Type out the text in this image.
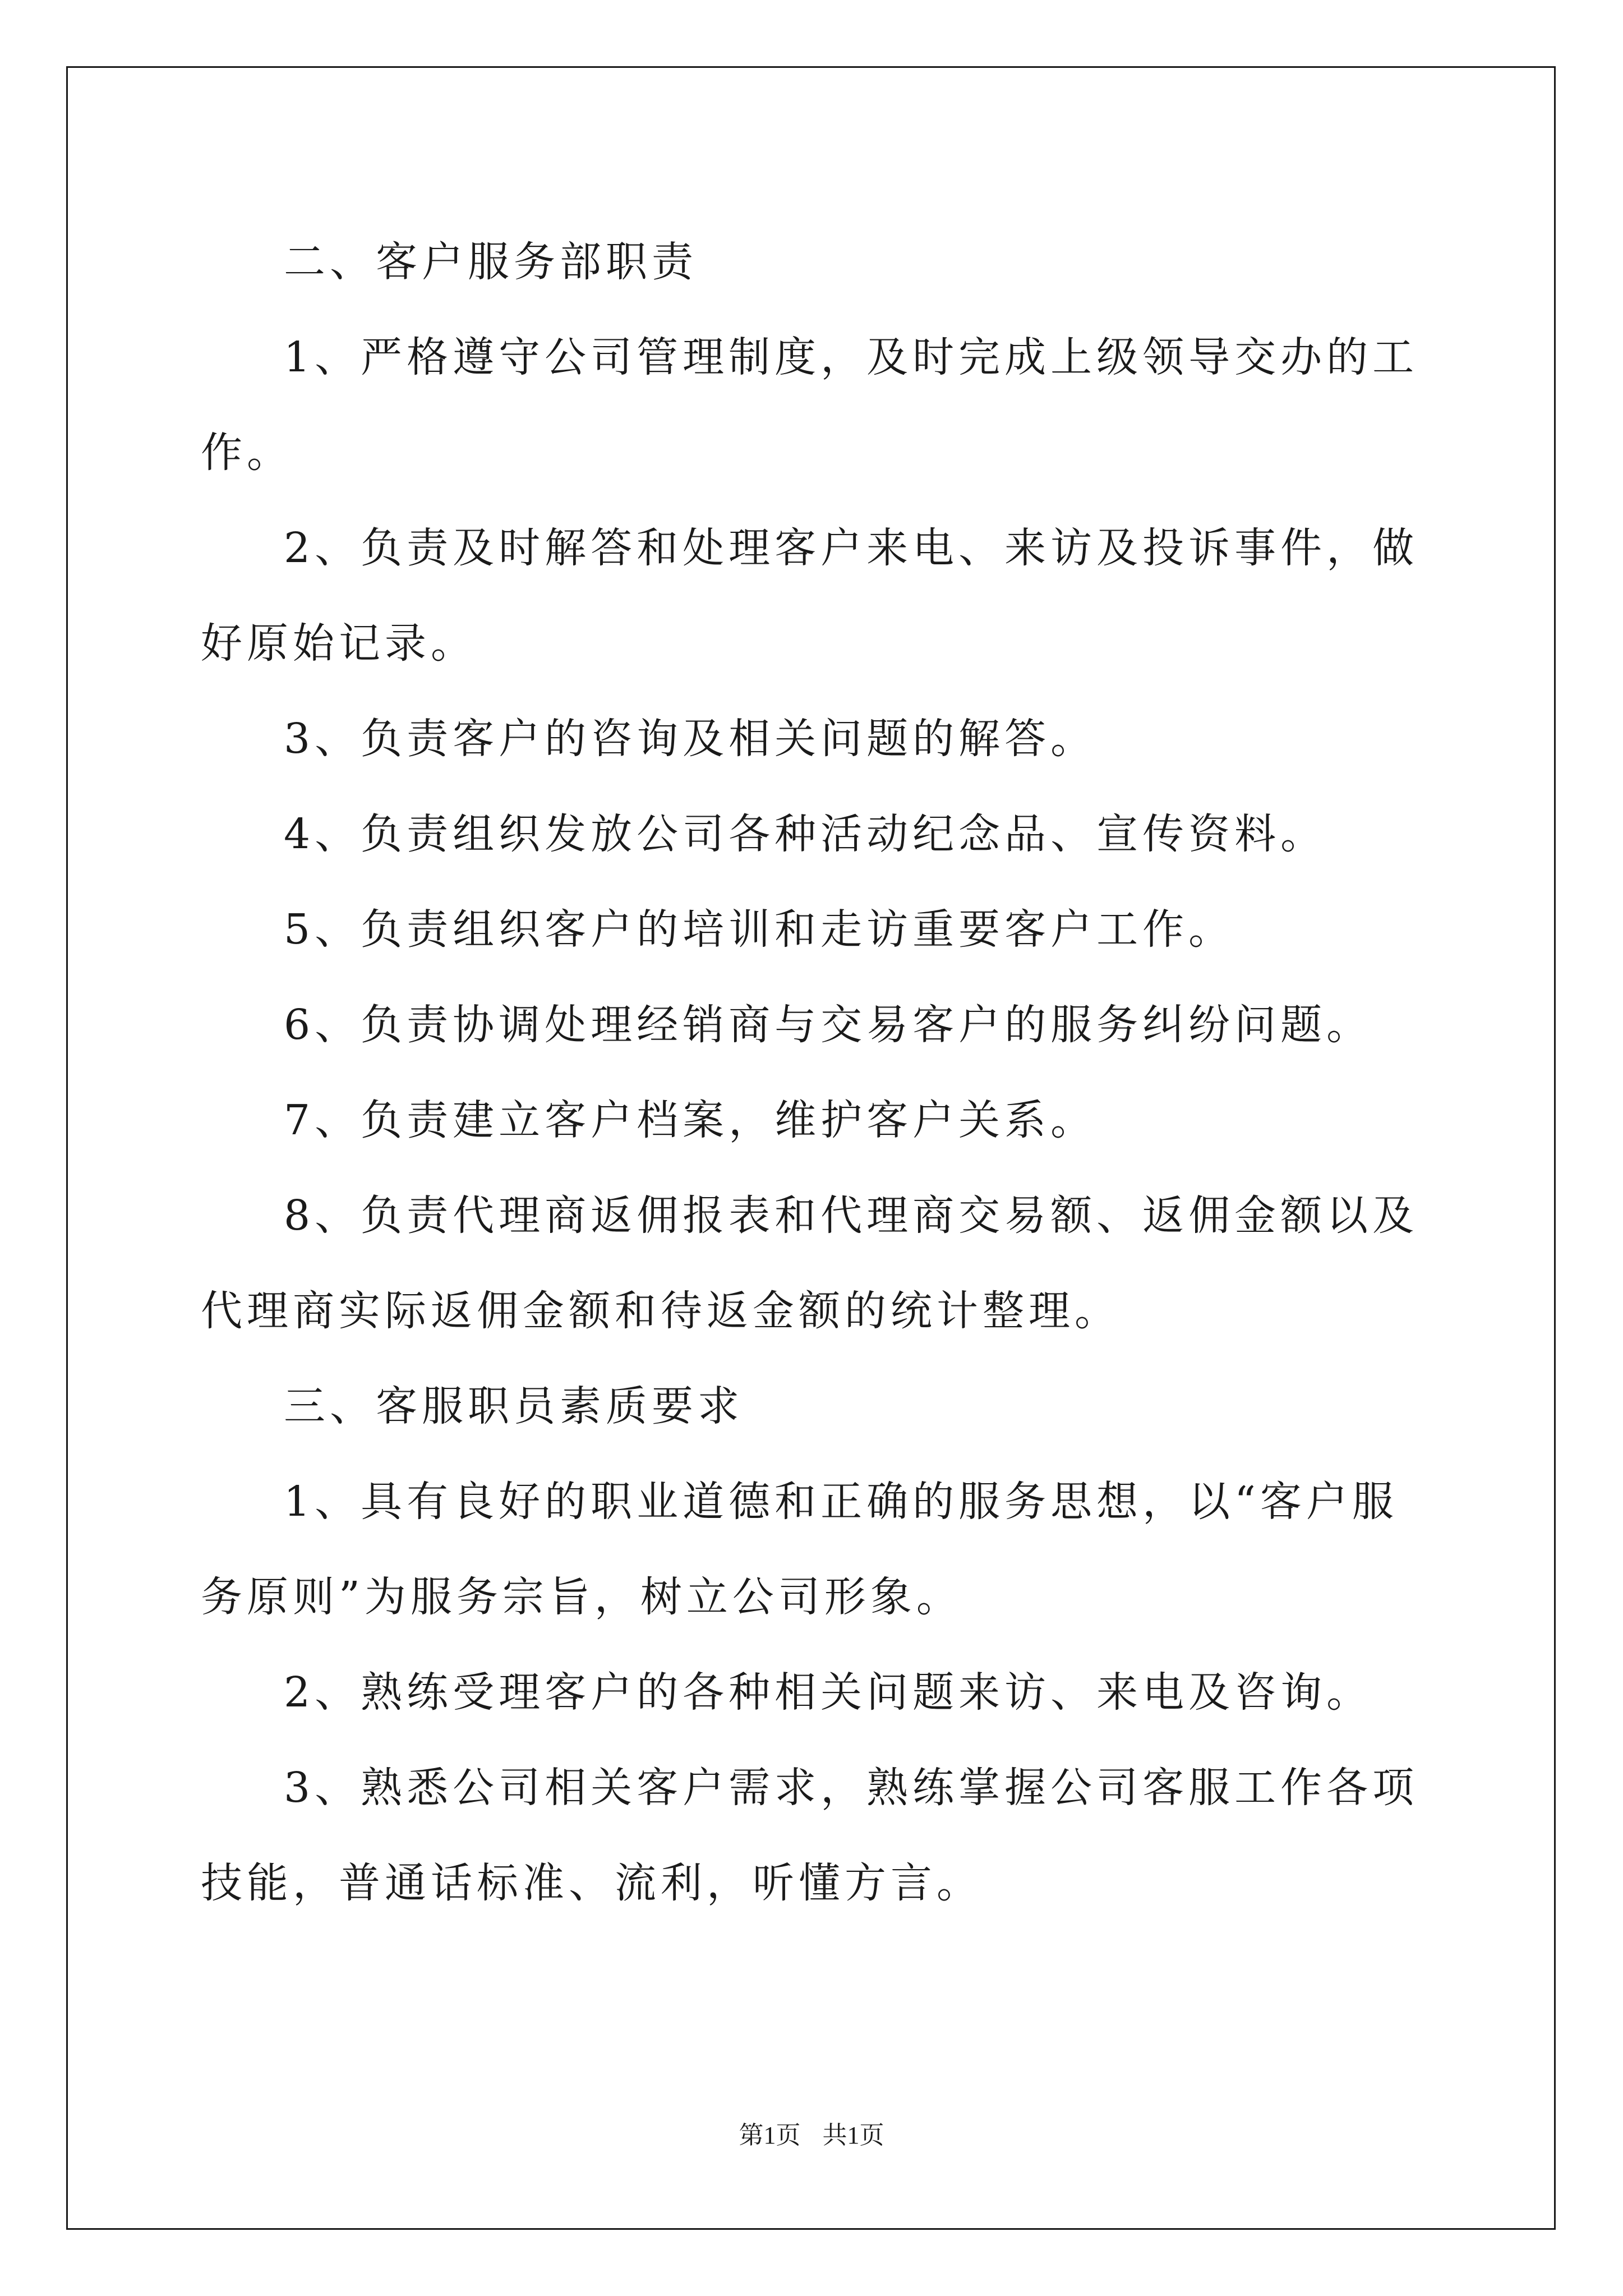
二、客户服务部职责

1、严格遵守公司管理制度，及时完成上级领导交办的工作。

2、负责及时解答和处理客户来电、来访及投诉事件，做好原始记录。

3、负责客户的咨询及相关问题的解答。

4、负责组织发放公司各种活动纪念品、宣传资料。

5、负责组织客户的培训和走访重要客户工作。

6、负责协调处理经销商与交易客户的服务纠纷问题。

7、负责建立客户档案，维护客户关系。

8、负责代理商返佣报表和代理商交易额、返佣金额以及代理商实际返佣金额和待返金额的统计整理。

三、客服职员素质要求

1、具有良好的职业道德和正确的服务思想，以“客户服务原则”为服务宗旨，树立公司形象。

2、熟练受理客户的各种相关问题来访、来电及咨询。

3、熟悉公司相关客户需求，熟练掌握公司客服工作各项技能，普通话标准、流利，听懂方言。

第1页 共1页
